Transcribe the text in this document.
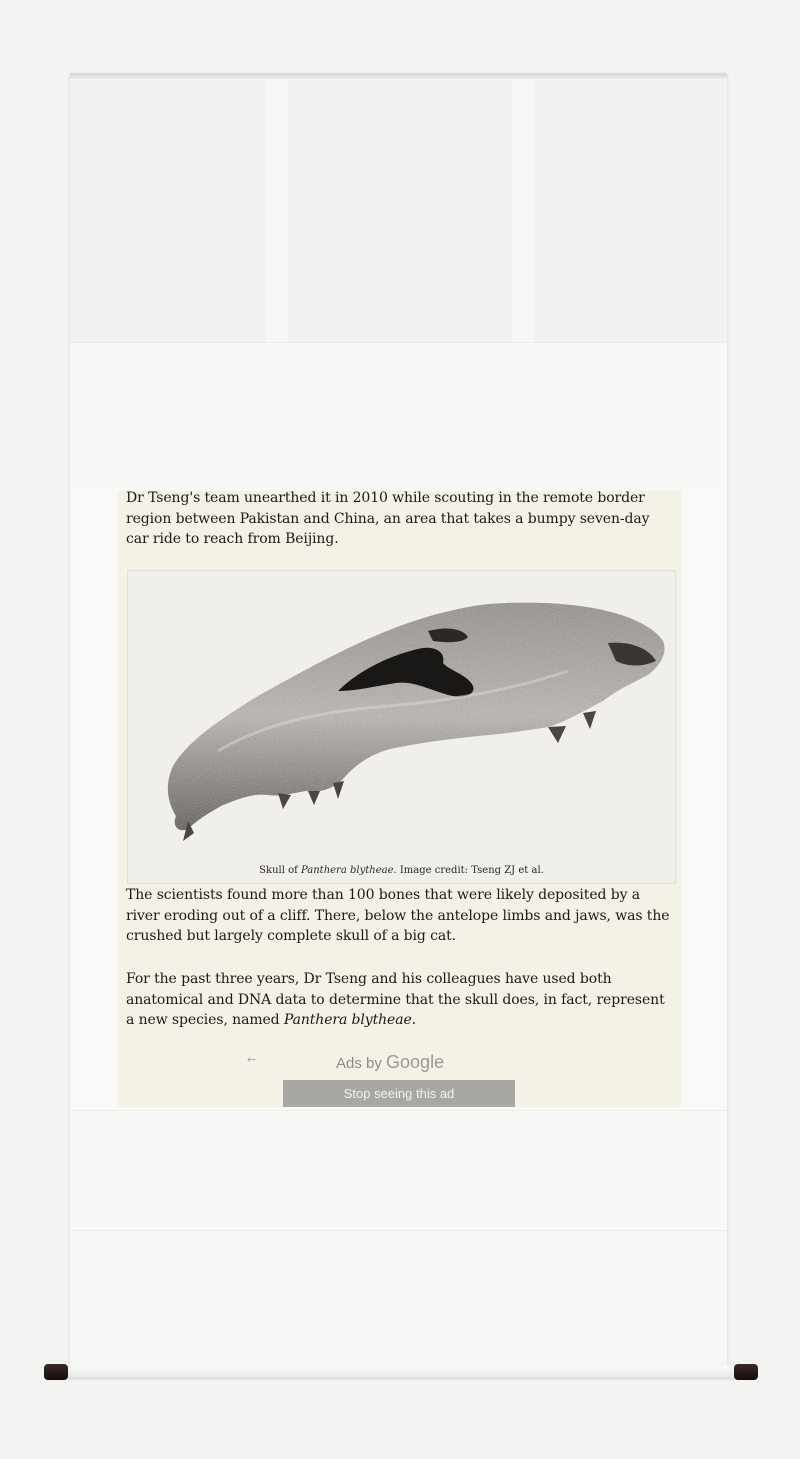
Dr Tseng's team unearthed it in 2010 while scouting in the remote border region between Pakistan and China, an area that takes a bumpy seven-day car ride to reach from Beijing.

Skull of Panthera blytheae. Image credit: Tseng ZJ et al.

The scientists found more than 100 bones that were likely deposited by a river eroding out of a cliff. There, below the antelope limbs and jaws, was the crushed but largely complete skull of a big cat.

For the past three years, Dr Tseng and his colleagues have used both anatomical and DNA data to determine that the skull does, in fact, represent a new species, named Panthera blytheae.

←	Ads by Google
Stop seeing this ad
